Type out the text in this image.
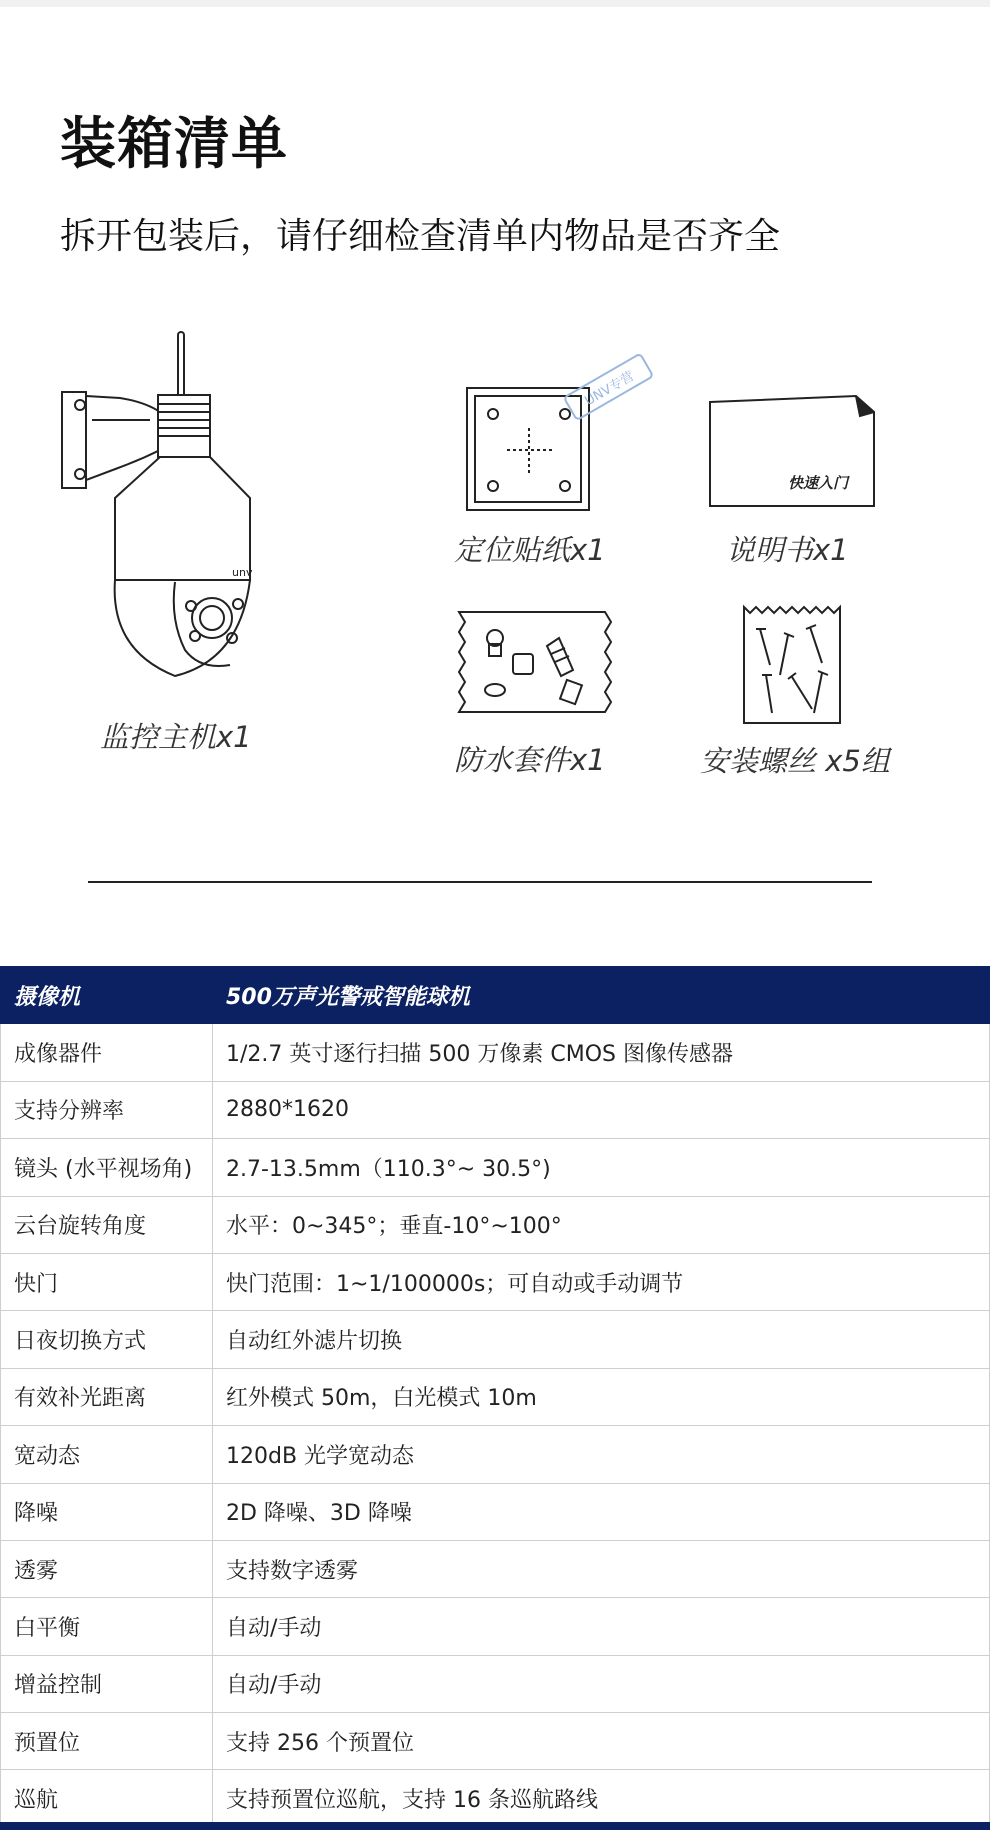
装箱清单

拆开包装后，请仔细检查清单内物品是否齐全

unv
监控主机x1
定位贴纸x1
UNV专营
快速入门
说明书x1
防水套件x1	安装螺丝 x5组
摄像机	500万声光警戒智能球机
成像器件	1/2.7 英寸逐行扫描 500 万像素 CMOS 图像传感器
支持分辨率	2880*1620
镜头 (水平视场角)	2.7-13.5mm（110.3°~ 30.5°)
云台旋转角度	水平：0~345°；垂直-10°~100°
快门	快门范围：1~1/100000s；可自动或手动调节
日夜切换方式	自动红外滤片切换
有效补光距离	红外模式 50m，白光模式 10m
宽动态	120dB 光学宽动态
降噪	2D 降噪、3D 降噪
透雾	支持数字透雾
白平衡	自动/手动
增益控制	自动/手动
预置位	支持 256 个预置位
巡航	支持预置位巡航，支持 16 条巡航路线
